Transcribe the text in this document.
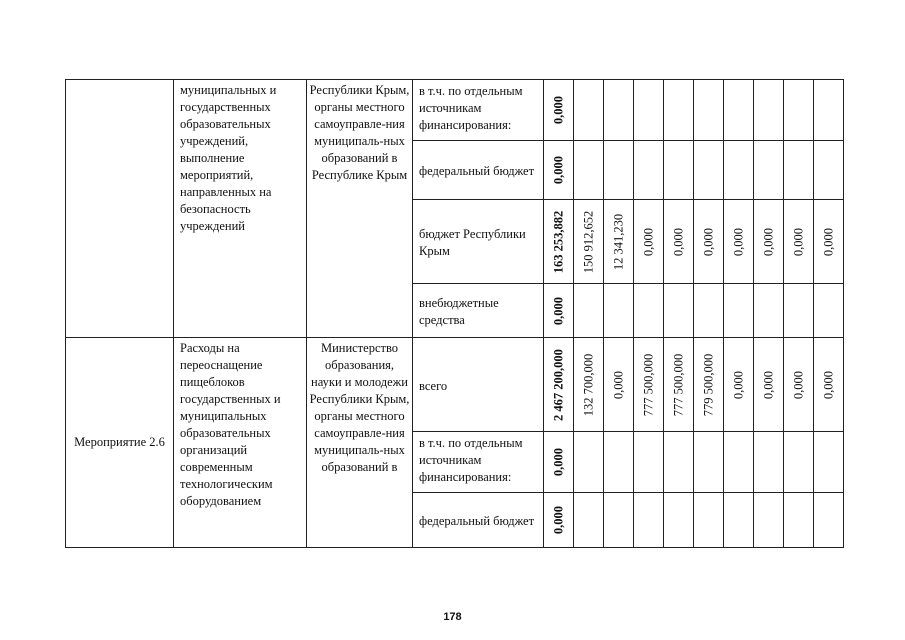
	муниципальных и государственных образовательных учреждений, выполнение мероприятий, направленных на безопасность учреждений	Республики Крым, органы местного самоуправле-ния муниципаль-ных образований в Республике Крым	в т.ч. по отдельным источникам финансирования:	0,000									

			федеральный бюджет	0,000									

			бюджет Республики Крым	163 253,882	150 912,652	12 341,230	0,000	0,000	0,000	0,000	0,000	0,000	0,000

			внебюджетные средства	0,000									

Мероприятие 2.6	Расходы на переоснащение пищеблоков государственных и муниципальных образовательных организаций современным технологическим оборудованием	Министерство образования, науки и молодежи Республики Крым, органы местного самоуправле-ния муниципаль-ных образований в	всего	2 467 200,000	132 700,000	0,000	777 500,000	777 500,000	779 500,000	0,000	0,000	0,000	0,000

			в т.ч. по отдельным источникам финансирования:	0,000									

			федеральный бюджет	0,000									

178
